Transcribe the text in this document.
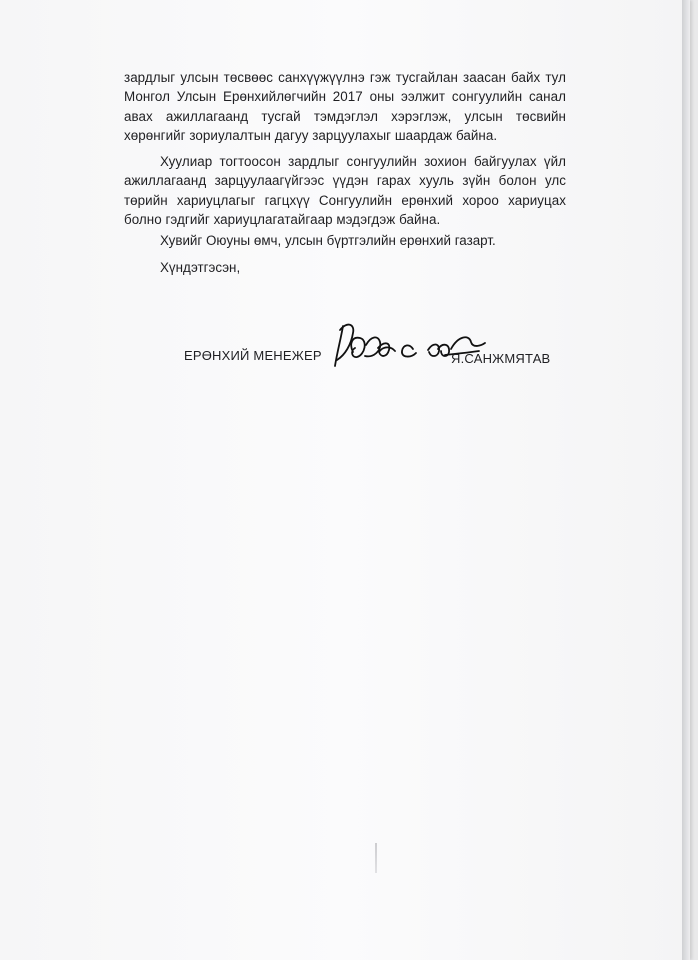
зардлыг улсын төсвөөс санхүүжүүлнэ гэж тусгайлан заасан байх тул Монгол Улсын Ерөнхийлөгчийн 2017 оны ээлжит сонгуулийн санал авах ажиллагаанд тусгай тэмдэглэл хэрэглэж, улсын төсвийн хөрөнгийг зориулалтын дагуу зарцуулахыг шаардаж байна.

Хуулиар тогтоосон зардлыг сонгуулийн зохион байгуулах үйл ажиллагаанд зарцуулаагүйгээс үүдэн гарах хууль зүйн болон улс төрийн хариуцлагыг гагцхүү Сонгуулийн ерөнхий хороо хариуцах болно гэдгийг хариуцлагатайгаар мэдэгдэж байна.

Хувийг Оюуны өмч, улсын бүртгэлийн ерөнхий газарт.

Хүндэтгэсэн,

ЕРӨНХИЙ МЕНЕЖЕР	Я.САНЖМЯТАВ
